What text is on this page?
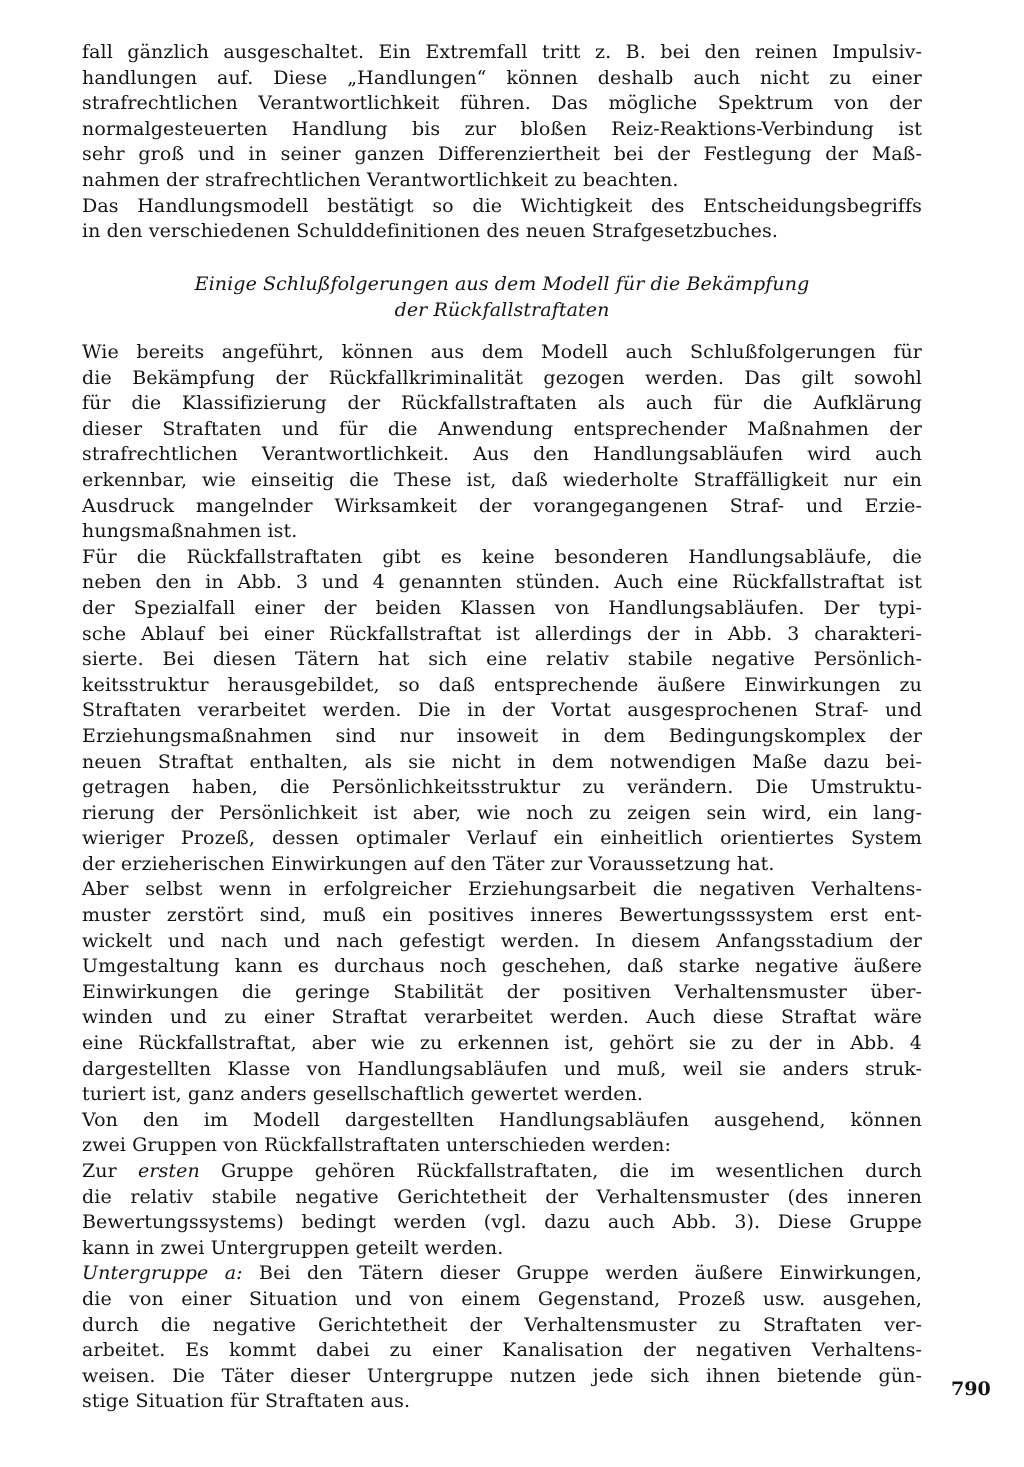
fall gänzlich ausgeschaltet. Ein Extremfall tritt z. B. bei den reinen Impulsiv-
handlungen auf. Diese „Handlungen“ können deshalb auch nicht zu einer
strafrechtlichen Verantwortlichkeit führen. Das mögliche Spektrum von der
normalgesteuerten Handlung bis zur bloßen Reiz-Reaktions-Verbindung ist
sehr groß und in seiner ganzen Differenziertheit bei der Festlegung der Maß-
nahmen der strafrechtlichen Verantwortlichkeit zu beachten.
Das Handlungsmodell bestätigt so die Wichtigkeit des Entscheidungsbegriffs
in den verschiedenen Schulddefinitionen des neuen Strafgesetzbuches.
Einige Schlußfolgerungen aus dem Modell für die Bekämpfung
der Rückfallstraftaten
Wie bereits angeführt, können aus dem Modell auch Schlußfolgerungen für
die Bekämpfung der Rückfallkriminalität gezogen werden. Das gilt sowohl
für die Klassifizierung der Rückfallstraftaten als auch für die Aufklärung
dieser Straftaten und für die Anwendung entsprechender Maßnahmen der
strafrechtlichen Verantwortlichkeit. Aus den Handlungsabläufen wird auch
erkennbar, wie einseitig die These ist, daß wiederholte Straffälligkeit nur ein
Ausdruck mangelnder Wirksamkeit der vorangegangenen Straf- und Erzie-
hungsmaßnahmen ist.
Für die Rückfallstraftaten gibt es keine besonderen Handlungsabläufe, die
neben den in Abb. 3 und 4 genannten stünden. Auch eine Rückfallstraftat ist
der Spezialfall einer der beiden Klassen von Handlungsabläufen. Der typi-
sche Ablauf bei einer Rückfallstraftat ist allerdings der in Abb. 3 charakteri-
sierte. Bei diesen Tätern hat sich eine relativ stabile negative Persönlich-
keitsstruktur herausgebildet, so daß entsprechende äußere Einwirkungen zu
Straftaten verarbeitet werden. Die in der Vortat ausgesprochenen Straf- und
Erziehungsmaßnahmen sind nur insoweit in dem Bedingungskomplex der
neuen Straftat enthalten, als sie nicht in dem notwendigen Maße dazu bei-
getragen haben, die Persönlichkeitsstruktur zu verändern. Die Umstruktu-
rierung der Persönlichkeit ist aber, wie noch zu zeigen sein wird, ein lang-
wieriger Prozeß, dessen optimaler Verlauf ein einheitlich orientiertes System
der erzieherischen Einwirkungen auf den Täter zur Voraussetzung hat.
Aber selbst wenn in erfolgreicher Erziehungsarbeit die negativen Verhaltens-
muster zerstört sind, muß ein positives inneres Bewertungsssystem erst ent-
wickelt und nach und nach gefestigt werden. In diesem Anfangsstadium der
Umgestaltung kann es durchaus noch geschehen, daß starke negative äußere
Einwirkungen die geringe Stabilität der positiven Verhaltensmuster über-
winden und zu einer Straftat verarbeitet werden. Auch diese Straftat wäre
eine Rückfallstraftat, aber wie zu erkennen ist, gehört sie zu der in Abb. 4
dargestellten Klasse von Handlungsabläufen und muß, weil sie anders struk-
turiert ist, ganz anders gesellschaftlich gewertet werden.
Von den im Modell dargestellten Handlungsabläufen ausgehend, können
zwei Gruppen von Rückfallstraftaten unterschieden werden:
Zur ersten Gruppe gehören Rückfallstraftaten, die im wesentlichen durch
die relativ stabile negative Gerichtetheit der Verhaltensmuster (des inneren
Bewertungssystems) bedingt werden (vgl. dazu auch Abb. 3). Diese Gruppe
kann in zwei Untergruppen geteilt werden.
Untergruppe a: Bei den Tätern dieser Gruppe werden äußere Einwirkungen,
die von einer Situation und von einem Gegenstand, Prozeß usw. ausgehen,
durch die negative Gerichtetheit der Verhaltensmuster zu Straftaten ver-
arbeitet. Es kommt dabei zu einer Kanalisation der negativen Verhaltens-
weisen. Die Täter dieser Untergruppe nutzen jede sich ihnen bietende gün-
stige Situation für Straftaten aus.
790
